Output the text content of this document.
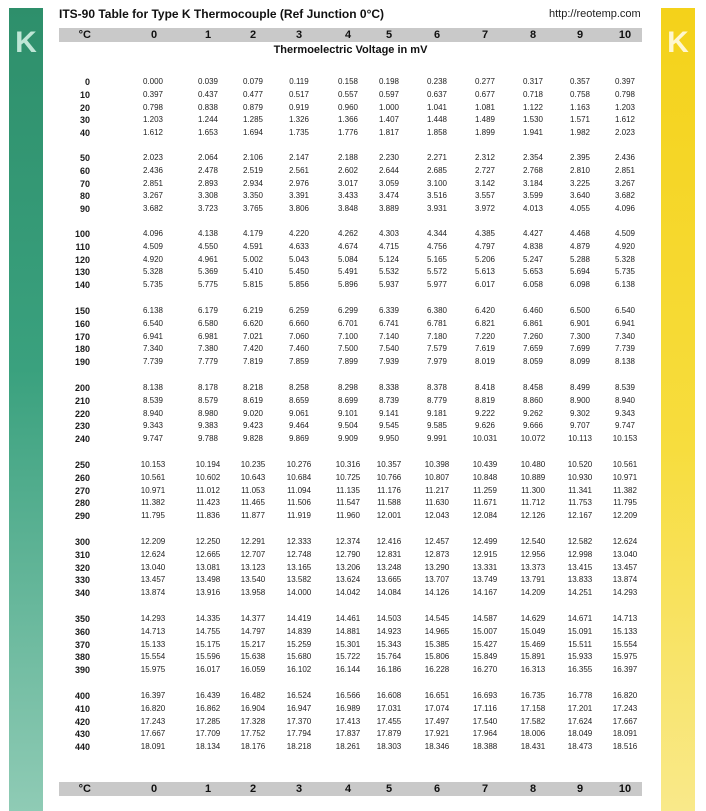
K	K
ITS-90 Table for Type K Thermocouple (Ref Junction 0°C)	http://reotemp.com
°C	0	1	2	3	4	5	6	7	8	9	10
Thermoelectric Voltage in mV
0	0.000	0.039	0.079	0.119	0.158	0.198	0.238	0.277	0.317	0.357	0.397
10	0.397	0.437	0.477	0.517	0.557	0.597	0.637	0.677	0.718	0.758	0.798
20	0.798	0.838	0.879	0.919	0.960	1.000	1.041	1.081	1.122	1.163	1.203
30	1.203	1.244	1.285	1.326	1.366	1.407	1.448	1.489	1.530	1.571	1.612
40	1.612	1.653	1.694	1.735	1.776	1.817	1.858	1.899	1.941	1.982	2.023
50	2.023	2.064	2.106	2.147	2.188	2.230	2.271	2.312	2.354	2.395	2.436
60	2.436	2.478	2.519	2.561	2.602	2.644	2.685	2.727	2.768	2.810	2.851
70	2.851	2.893	2.934	2.976	3.017	3.059	3.100	3.142	3.184	3.225	3.267
80	3.267	3.308	3.350	3.391	3.433	3.474	3.516	3.557	3.599	3.640	3.682
90	3.682	3.723	3.765	3.806	3.848	3.889	3.931	3.972	4.013	4.055	4.096
100	4.096	4.138	4.179	4.220	4.262	4.303	4.344	4.385	4.427	4.468	4.509
110	4.509	4.550	4.591	4.633	4.674	4.715	4.756	4.797	4.838	4.879	4.920
120	4.920	4.961	5.002	5.043	5.084	5.124	5.165	5.206	5.247	5.288	5.328
130	5.328	5.369	5.410	5.450	5.491	5.532	5.572	5.613	5.653	5.694	5.735
140	5.735	5.775	5.815	5.856	5.896	5.937	5.977	6.017	6.058	6.098	6.138
150	6.138	6.179	6.219	6.259	6.299	6.339	6.380	6.420	6.460	6.500	6.540
160	6.540	6.580	6.620	6.660	6.701	6.741	6.781	6.821	6.861	6.901	6.941
170	6.941	6.981	7.021	7.060	7.100	7.140	7.180	7.220	7.260	7.300	7.340
180	7.340	7.380	7.420	7.460	7.500	7.540	7.579	7.619	7.659	7.699	7.739
190	7.739	7.779	7.819	7.859	7.899	7.939	7.979	8.019	8.059	8.099	8.138
200	8.138	8.178	8.218	8.258	8.298	8.338	8.378	8.418	8.458	8.499	8.539
210	8.539	8.579	8.619	8.659	8.699	8.739	8.779	8.819	8.860	8.900	8.940
220	8.940	8.980	9.020	9.061	9.101	9.141	9.181	9.222	9.262	9.302	9.343
230	9.343	9.383	9.423	9.464	9.504	9.545	9.585	9.626	9.666	9.707	9.747
240	9.747	9.788	9.828	9.869	9.909	9.950	9.991	10.031	10.072	10.113	10.153
250	10.153	10.194	10.235	10.276	10.316	10.357	10.398	10.439	10.480	10.520	10.561
260	10.561	10.602	10.643	10.684	10.725	10.766	10.807	10.848	10.889	10.930	10.971
270	10.971	11.012	11.053	11.094	11.135	11.176	11.217	11.259	11.300	11.341	11.382
280	11.382	11.423	11.465	11.506	11.547	11.588	11.630	11.671	11.712	11.753	11.795
290	11.795	11.836	11.877	11.919	11.960	12.001	12.043	12.084	12.126	12.167	12.209
300	12.209	12.250	12.291	12.333	12.374	12.416	12.457	12.499	12.540	12.582	12.624
310	12.624	12.665	12.707	12.748	12.790	12.831	12.873	12.915	12.956	12.998	13.040
320	13.040	13.081	13.123	13.165	13.206	13.248	13.290	13.331	13.373	13.415	13.457
330	13.457	13.498	13.540	13.582	13.624	13.665	13.707	13.749	13.791	13.833	13.874
340	13.874	13.916	13.958	14.000	14.042	14.084	14.126	14.167	14.209	14.251	14.293
350	14.293	14.335	14.377	14.419	14.461	14.503	14.545	14.587	14.629	14.671	14.713
360	14.713	14.755	14.797	14.839	14.881	14.923	14.965	15.007	15.049	15.091	15.133
370	15.133	15.175	15.217	15.259	15.301	15.343	15.385	15.427	15.469	15.511	15.554
380	15.554	15.596	15.638	15.680	15.722	15.764	15.806	15.849	15.891	15.933	15.975
390	15.975	16.017	16.059	16.102	16.144	16.186	16.228	16.270	16.313	16.355	16.397
400	16.397	16.439	16.482	16.524	16.566	16.608	16.651	16.693	16.735	16.778	16.820
410	16.820	16.862	16.904	16.947	16.989	17.031	17.074	17.116	17.158	17.201	17.243
420	17.243	17.285	17.328	17.370	17.413	17.455	17.497	17.540	17.582	17.624	17.667
430	17.667	17.709	17.752	17.794	17.837	17.879	17.921	17.964	18.006	18.049	18.091
440	18.091	18.134	18.176	18.218	18.261	18.303	18.346	18.388	18.431	18.473	18.516
°C	0	1	2	3	4	5	6	7	8	9	10
